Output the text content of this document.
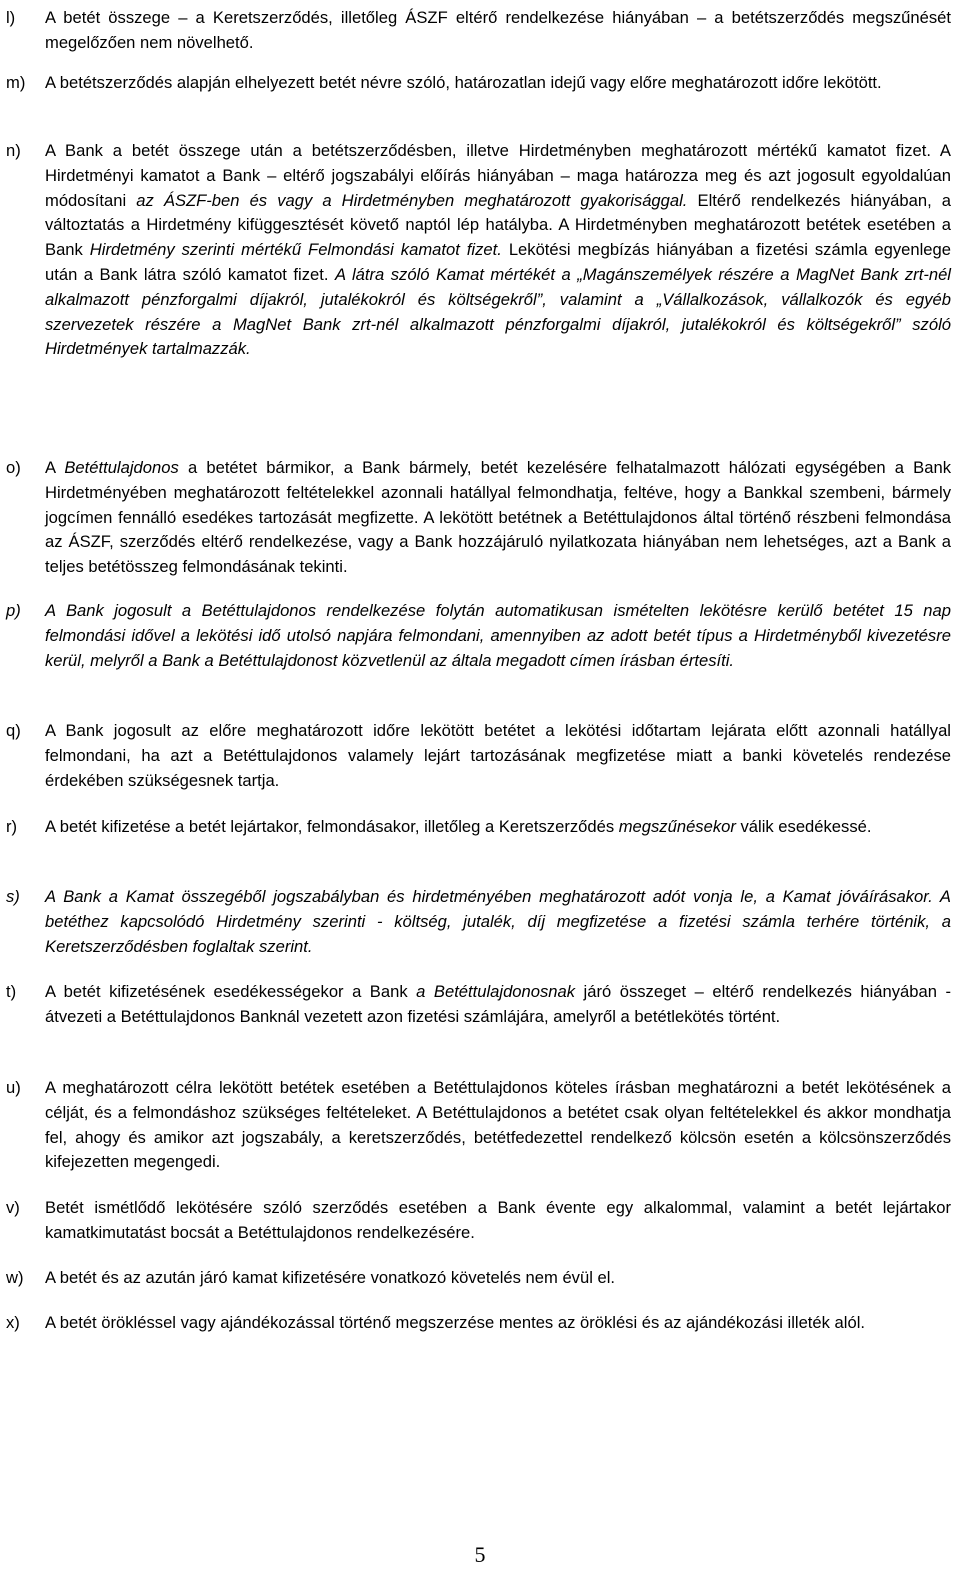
l) A betét összege – a Keretszerződés, illetőleg ÁSZF eltérő rendelkezése hiányában – a betétszerződés megszűnését megelőzően nem növelhető.
m) A betétszerződés alapján elhelyezett betét névre szóló, határozatlan idejű vagy előre meghatározott időre lekötött.
n) A Bank a betét összege után a betétszerződésben, illetve Hirdetményben meghatározott mértékű kamatot fizet. A Hirdetményi kamatot a Bank – eltérő jogszabályi előírás hiányában – maga határozza meg és azt jogosult egyoldalúan módosítani az ÁSZF-ben és vagy a Hirdetményben meghatározott gyakorisággal. Eltérő rendelkezés hiányában, a változtatás a Hirdetmény kifüggesztését követő naptól lép hatályba. A Hirdetményben meghatározott betétek esetében a Bank Hirdetmény szerinti mértékű Felmondási kamatot fizet. Lekötési megbízás hiányában a fizetési számla egyenlege után a Bank látra szóló kamatot fizet. A látra szóló Kamat mértékét a „Magánszemélyek részére a MagNet Bank zrt-nél alkalmazott pénzforgalmi díjakról, jutalékokról és költségekről”, valamint a „Vállalkozások, vállalkozók és egyéb szervezetek részére a MagNet Bank zrt-nél alkalmazott pénzforgalmi díjakról, jutalékokról és költségekről” szóló Hirdetmények tartalmazzák.
o) A Betéttulajdonos a betétet bármikor, a Bank bármely, betét kezelésére felhatalmazott hálózati egységében a Bank Hirdetményében meghatározott feltételekkel azonnali hatállyal felmondhatja, feltéve, hogy a Bankkal szembeni, bármely jogcímen fennálló esedékes tartozását megfizette. A lekötött betétnek a Betéttulajdonos által történő részbeni felmondása az ÁSZF, szerződés eltérő rendelkezése, vagy a Bank hozzájáruló nyilatkozata hiányában nem lehetséges, azt a Bank a teljes betétösszeg felmondásának tekinti.
p) A Bank jogosult a Betéttulajdonos rendelkezése folytán automatikusan ismételten lekötésre kerülő betétet 15 nap felmondási idővel a lekötési idő utolsó napjára felmondani, amennyiben az adott betét típus a Hirdetményből kivezetésre kerül, melyről a Bank a Betéttulajdonost közvetlenül az általa megadott címen írásban értesíti.
q) A Bank jogosult az előre meghatározott időre lekötött betétet a lekötési időtartam lejárata előtt azonnali hatállyal felmondani, ha azt a Betéttulajdonos valamely lejárt tartozásának megfizetése miatt a banki követelés rendezése érdekében szükségesnek tartja.
r) A betét kifizetése a betét lejártakor, felmondásakor, illetőleg a Keretszerződés megszűnésekor válik esedékessé.
s) A Bank a Kamat összegéből jogszabályban és hirdetményében meghatározott adót vonja le, a Kamat jóváírásakor. A betéthez kapcsolódó Hirdetmény szerinti - költség, jutalék, díj megfizetése a fizetési számla terhére történik, a Keretszerződésben foglaltak szerint.
t) A betét kifizetésének esedékességekor a Bank a Betéttulajdonosnak járó összeget – eltérő rendelkezés hiányában - átvezeti a Betéttulajdonos Banknál vezetett azon fizetési számlájára, amelyről a betétlekötés történt.
u) A meghatározott célra lekötött betétek esetében a Betéttulajdonos köteles írásban meghatározni a betét lekötésének a célját, és a felmondáshoz szükséges feltételeket. A Betéttulajdonos a betétet csak olyan feltételekkel és akkor mondhatja fel, ahogy és amikor azt jogszabály, a keretszerződés, betétfedezettel rendelkező kölcsön esetén a kölcsönszerződés kifejezetten megengedi.
v) Betét ismétlődő lekötésére szóló szerződés esetében a Bank évente egy alkalommal, valamint a betét lejártakor kamatkimutatást bocsát a Betéttulajdonos rendelkezésére.
w) A betét és az azután járó kamat kifizetésére vonatkozó követelés nem évül el.
x) A betét örökléssel vagy ajándékozással történő megszerzése mentes az öröklési és az ajándékozási illeték alól.
5
